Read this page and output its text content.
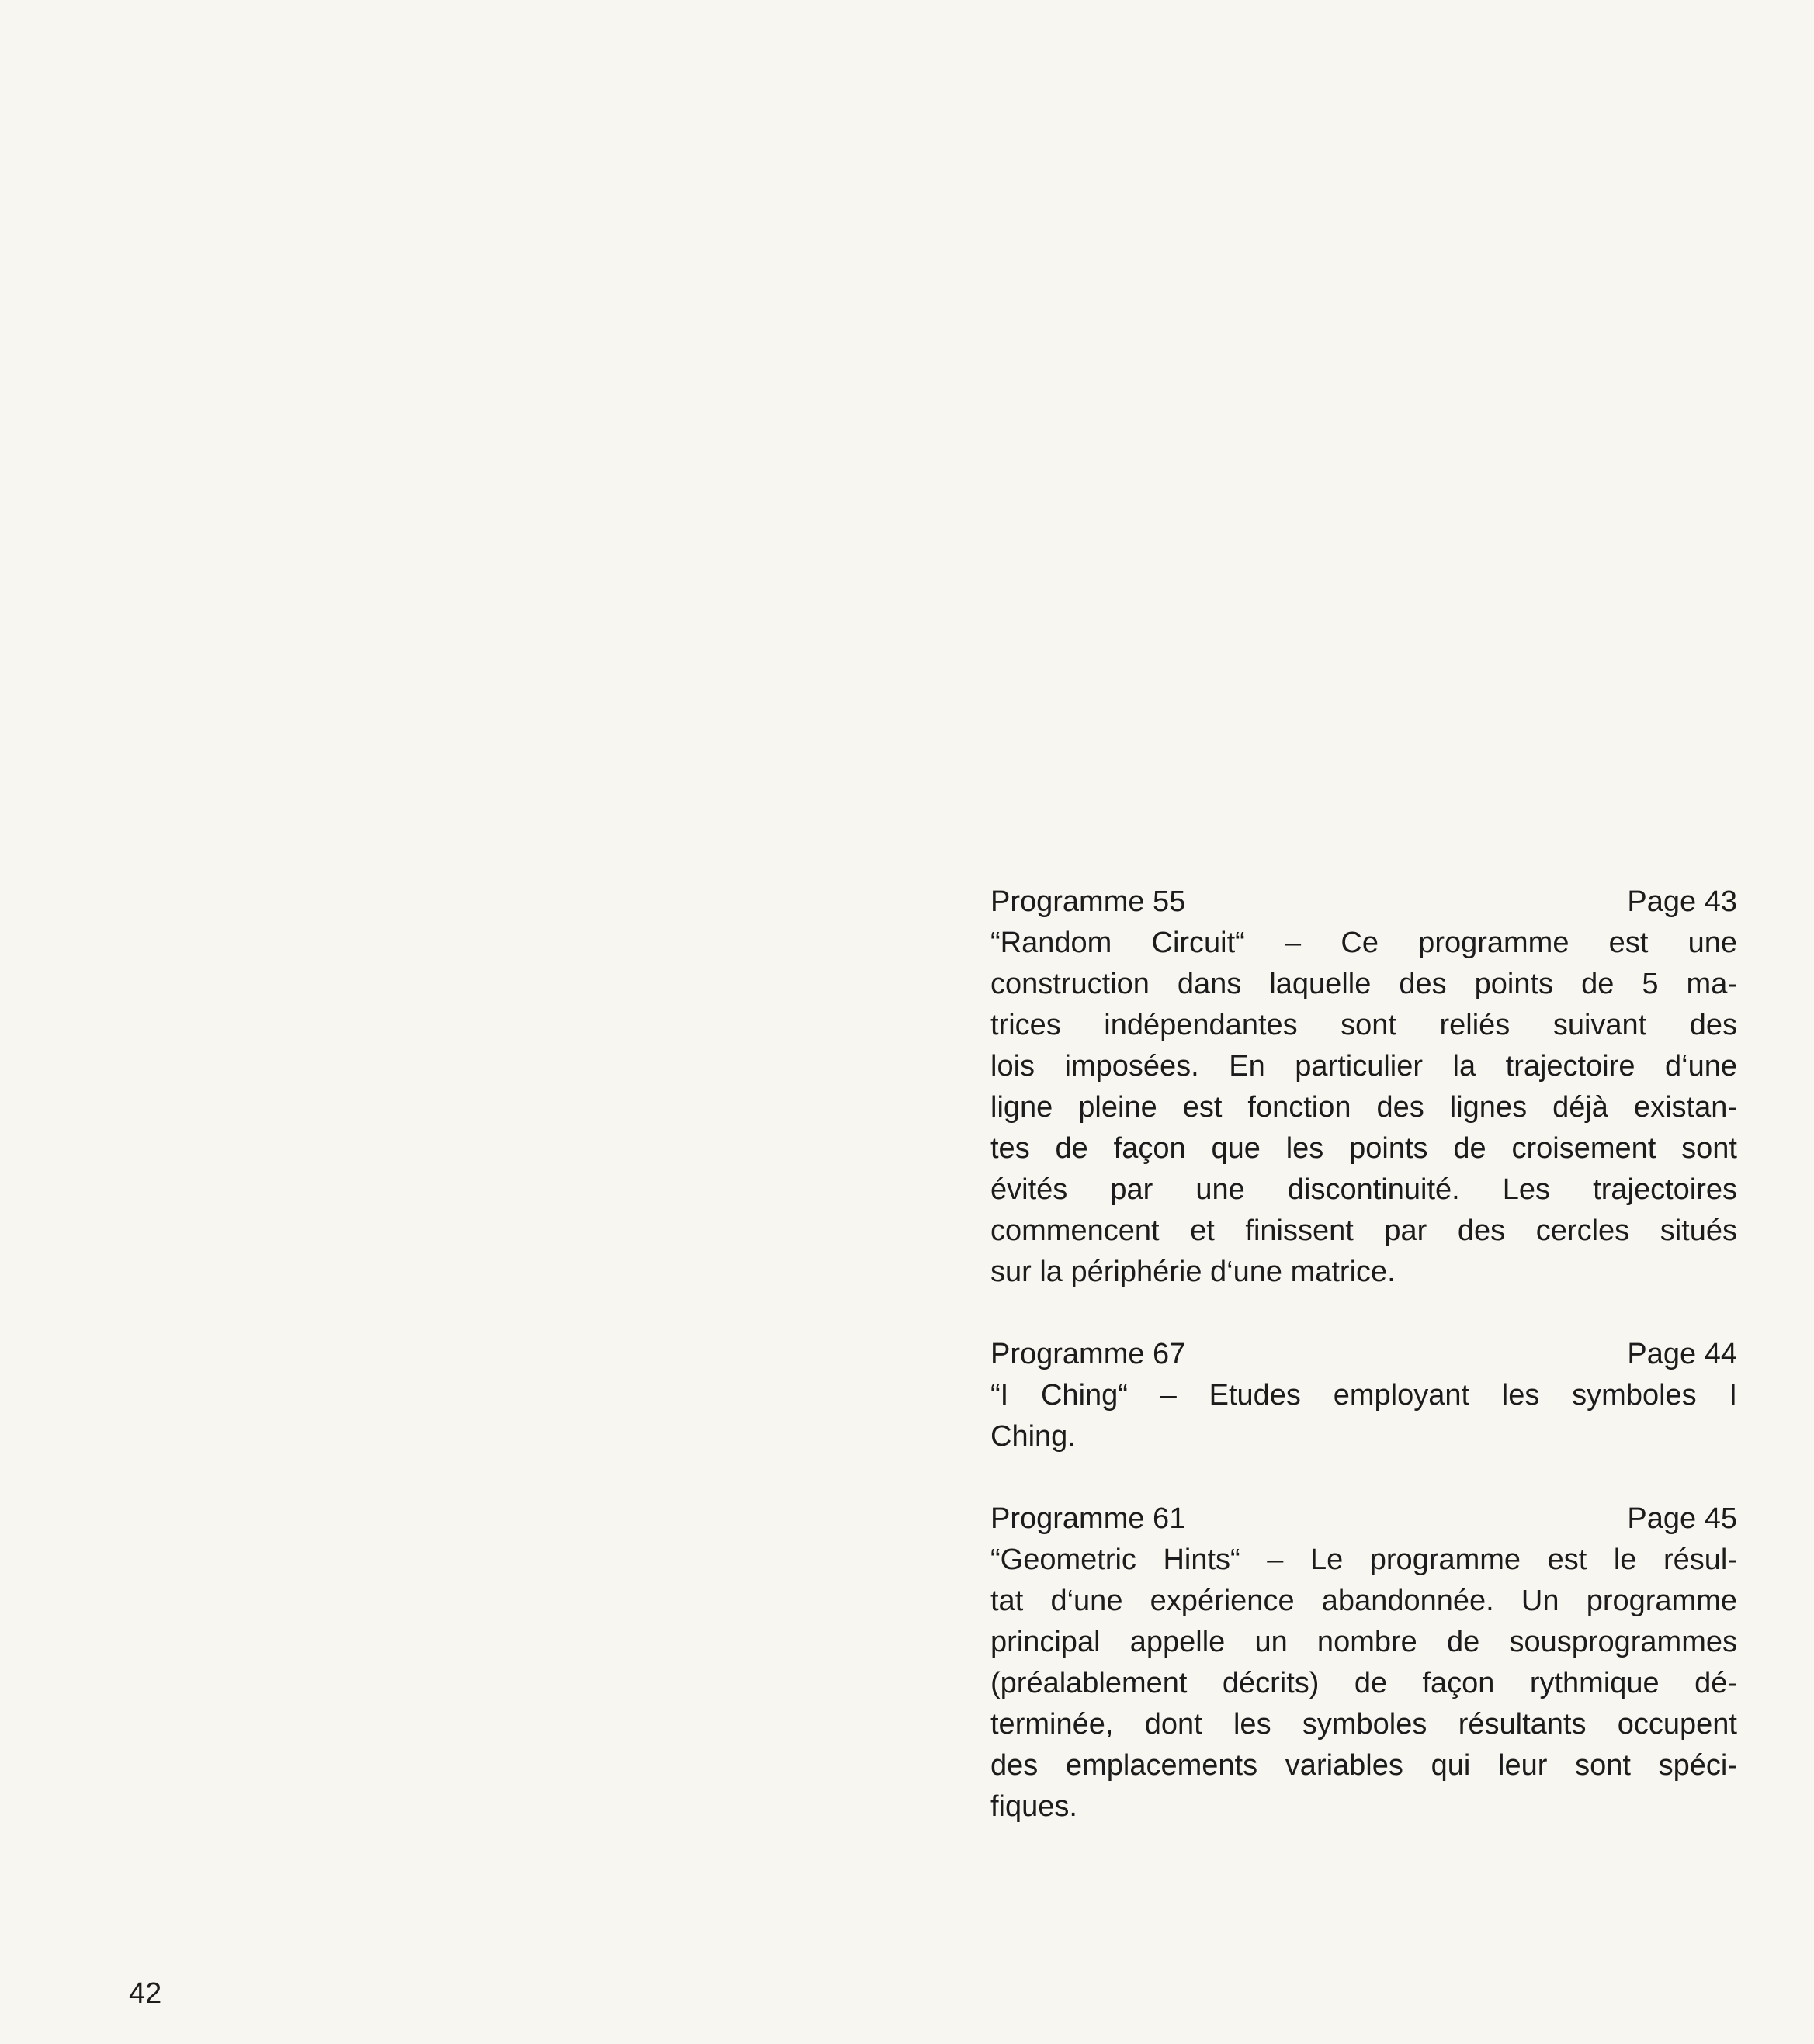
Programme 55	Page 43
“Random Circuit“ – Ce programme est une
construction dans laquelle des points de 5 ma-
trices indépendantes sont reliés suivant des
lois imposées. En particulier la trajectoire d‘une
ligne pleine est fonction des lignes déjà existan-
tes de façon que les points de croisement sont
évités par une discontinuité. Les trajectoires
commencent et finissent par des cercles situés
sur la périphérie d‘une matrice.
Programme 67	Page 44
“I Ching“ – Etudes employant les symboles I
Ching.
Programme 61	Page 45
“Geometric Hints“ – Le programme est le résul-
tat d‘une expérience abandonnée. Un programme
principal appelle un nombre de sousprogrammes
(préalablement décrits) de façon rythmique dé-
terminée, dont les symboles résultants occupent
des emplacements variables qui leur sont spéci-
fiques.
42
